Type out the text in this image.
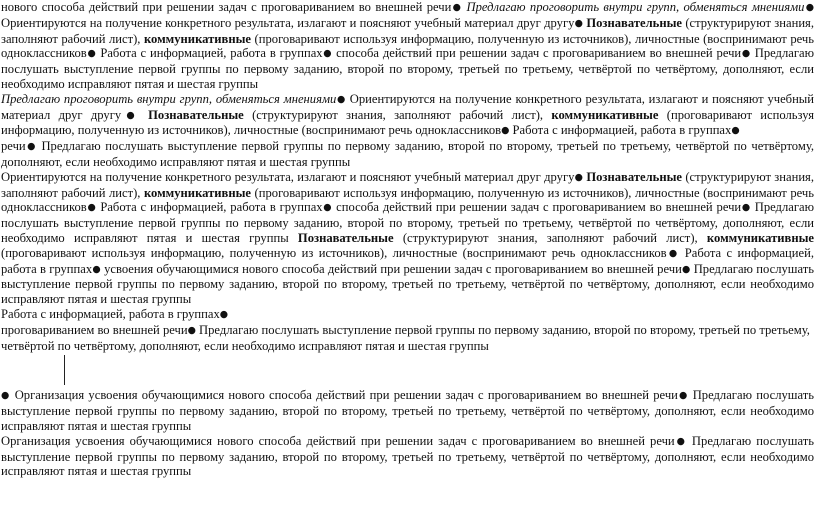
нового способа действий при решении задач с проговариванием во внешней речи● Предлагаю проговорить внутри групп, обменяться мнениями● Ориентируются на получение конкретного результата, излагают и поясняют учебный материал друг другу● Познавательные (структурируют знания, заполняют рабочий лист), коммуникативные (проговаривают используя информацию, полученную из источников), личностные (воспринимают речь одноклассников● Работа с информацией, работа в группах● способа действий при решении задач с проговариванием во внешней речи● Предлагаю послушать выступление первой группы по первому заданию, второй по второму, третьей по третьему, четвёртой по четвёртому, дополняют, если необходимо исправляют пятая и шестая группы
Предлагаю проговорить внутри групп, обменяться мнениями● Ориентируются на получение конкретного результата, излагают и поясняют учебный материал друг другу● Познавательные (структурируют знания, заполняют рабочий лист), коммуникативные (проговаривают используя информацию, полученную из источников), личностные (воспринимают речь одноклассников● Работа с информацией, работа в группах●
речи● Предлагаю послушать выступление первой группы по первому заданию, второй по второму, третьей по третьему, четвёртой по четвёртому, дополняют, если необходимо исправляют пятая и шестая группы
Ориентируются на получение конкретного результата, излагают и поясняют учебный материал друг другу● Познавательные (структурируют знания, заполняют рабочий лист), коммуникативные (проговаривают используя информацию, полученную из источников), личностные (воспринимают речь одноклассников● Работа с информацией, работа в группах● способа действий при решении задач с проговариванием во внешней речи● Предлагаю послушать выступление первой группы по первому заданию, второй по второму, третьей по третьему, четвёртой по четвёртому, дополняют, если необходимо исправляют пятая и шестая группы Познавательные (структурируют знания, заполняют рабочий лист), коммуникативные (проговаривают используя информацию, полученную из источников), личностные (воспринимают речь одноклассников● Работа с информацией, работа в группах● усвоения обучающимися нового способа действий при решении задач с проговариванием во внешней речи● Предлагаю послушать выступление первой группы по первому заданию, второй по второму, третьей по третьему, четвёртой по четвёртому, дополняют, если необходимо исправляют пятая и шестая группы
Работа с информацией, работа в группах●
проговариванием во внешней речи● Предлагаю послушать выступление первой группы по первому заданию, второй по второму, третьей по третьему, четвёртой по четвёртому, дополняют, если необходимо исправляют пятая и шестая группы
● Организация усвоения обучающимися нового способа действий при решении задач с проговариванием во внешней речи● Предлагаю послушать выступление первой группы по первому заданию, второй по второму, третьей по третьему, четвёртой по четвёртому, дополняют, если необходимо исправляют пятая и шестая группы
Организация усвоения обучающимися нового способа действий при решении задач с проговариванием во внешней речи● Предлагаю послушать выступление первой группы по первому заданию, второй по второму, третьей по третьему, четвёртой по четвёртому, дополняют, если необходимо исправляют пятая и шестая группы
